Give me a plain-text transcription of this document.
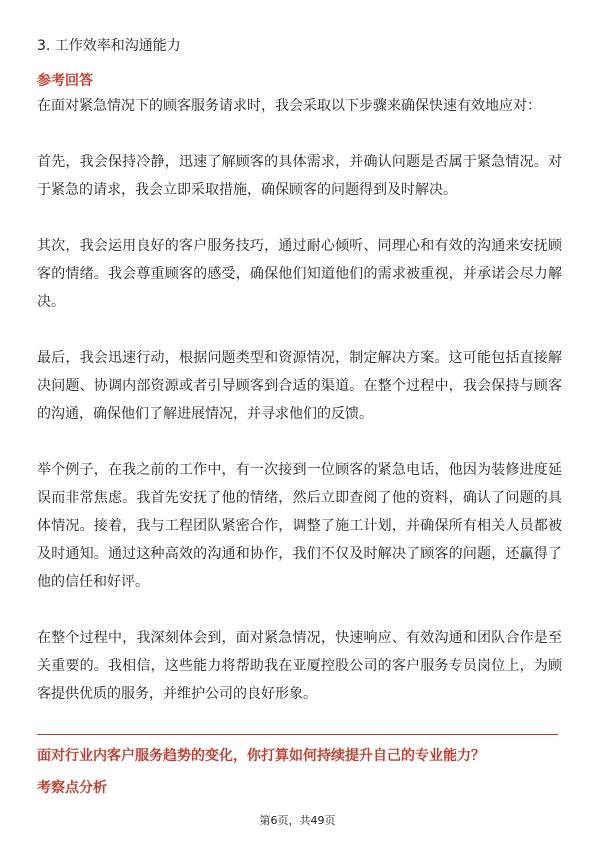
3. 工作效率和沟通能力
参考回答

在面对紧急情况下的顾客服务请求时，我会采取以下步骤来确保快速有效地应对：

首先，我会保持冷静，迅速了解顾客的具体需求，并确认问题是否属于紧急情况。对于紧急的请求，我会立即采取措施，确保顾客的问题得到及时解决。

其次，我会运用良好的客户服务技巧，通过耐心倾听、同理心和有效的沟通来安抚顾客的情绪。我会尊重顾客的感受，确保他们知道他们的需求被重视，并承诺会尽力解决。

最后，我会迅速行动，根据问题类型和资源情况，制定解决方案。这可能包括直接解决问题、协调内部资源或者引导顾客到合适的渠道。在整个过程中，我会保持与顾客的沟通，确保他们了解进展情况，并寻求他们的反馈。

举个例子，在我之前的工作中，有一次接到一位顾客的紧急电话，他因为装修进度延误而非常焦虑。我首先安抚了他的情绪，然后立即查阅了他的资料，确认了问题的具体情况。接着，我与工程团队紧密合作，调整了施工计划，并确保所有相关人员都被及时通知。通过这种高效的沟通和协作，我们不仅及时解决了顾客的问题，还赢得了他的信任和好评。

在整个过程中，我深刻体会到，面对紧急情况，快速响应、有效沟通和团队合作是至关重要的。我相信，这些能力将帮助我在亚厦控股公司的客户服务专员岗位上，为顾客提供优质的服务，并维护公司的良好形象。

面对行业内客户服务趋势的变化，你打算如何持续提升自己的专业能力？
考察点分析
第6页，共49页
